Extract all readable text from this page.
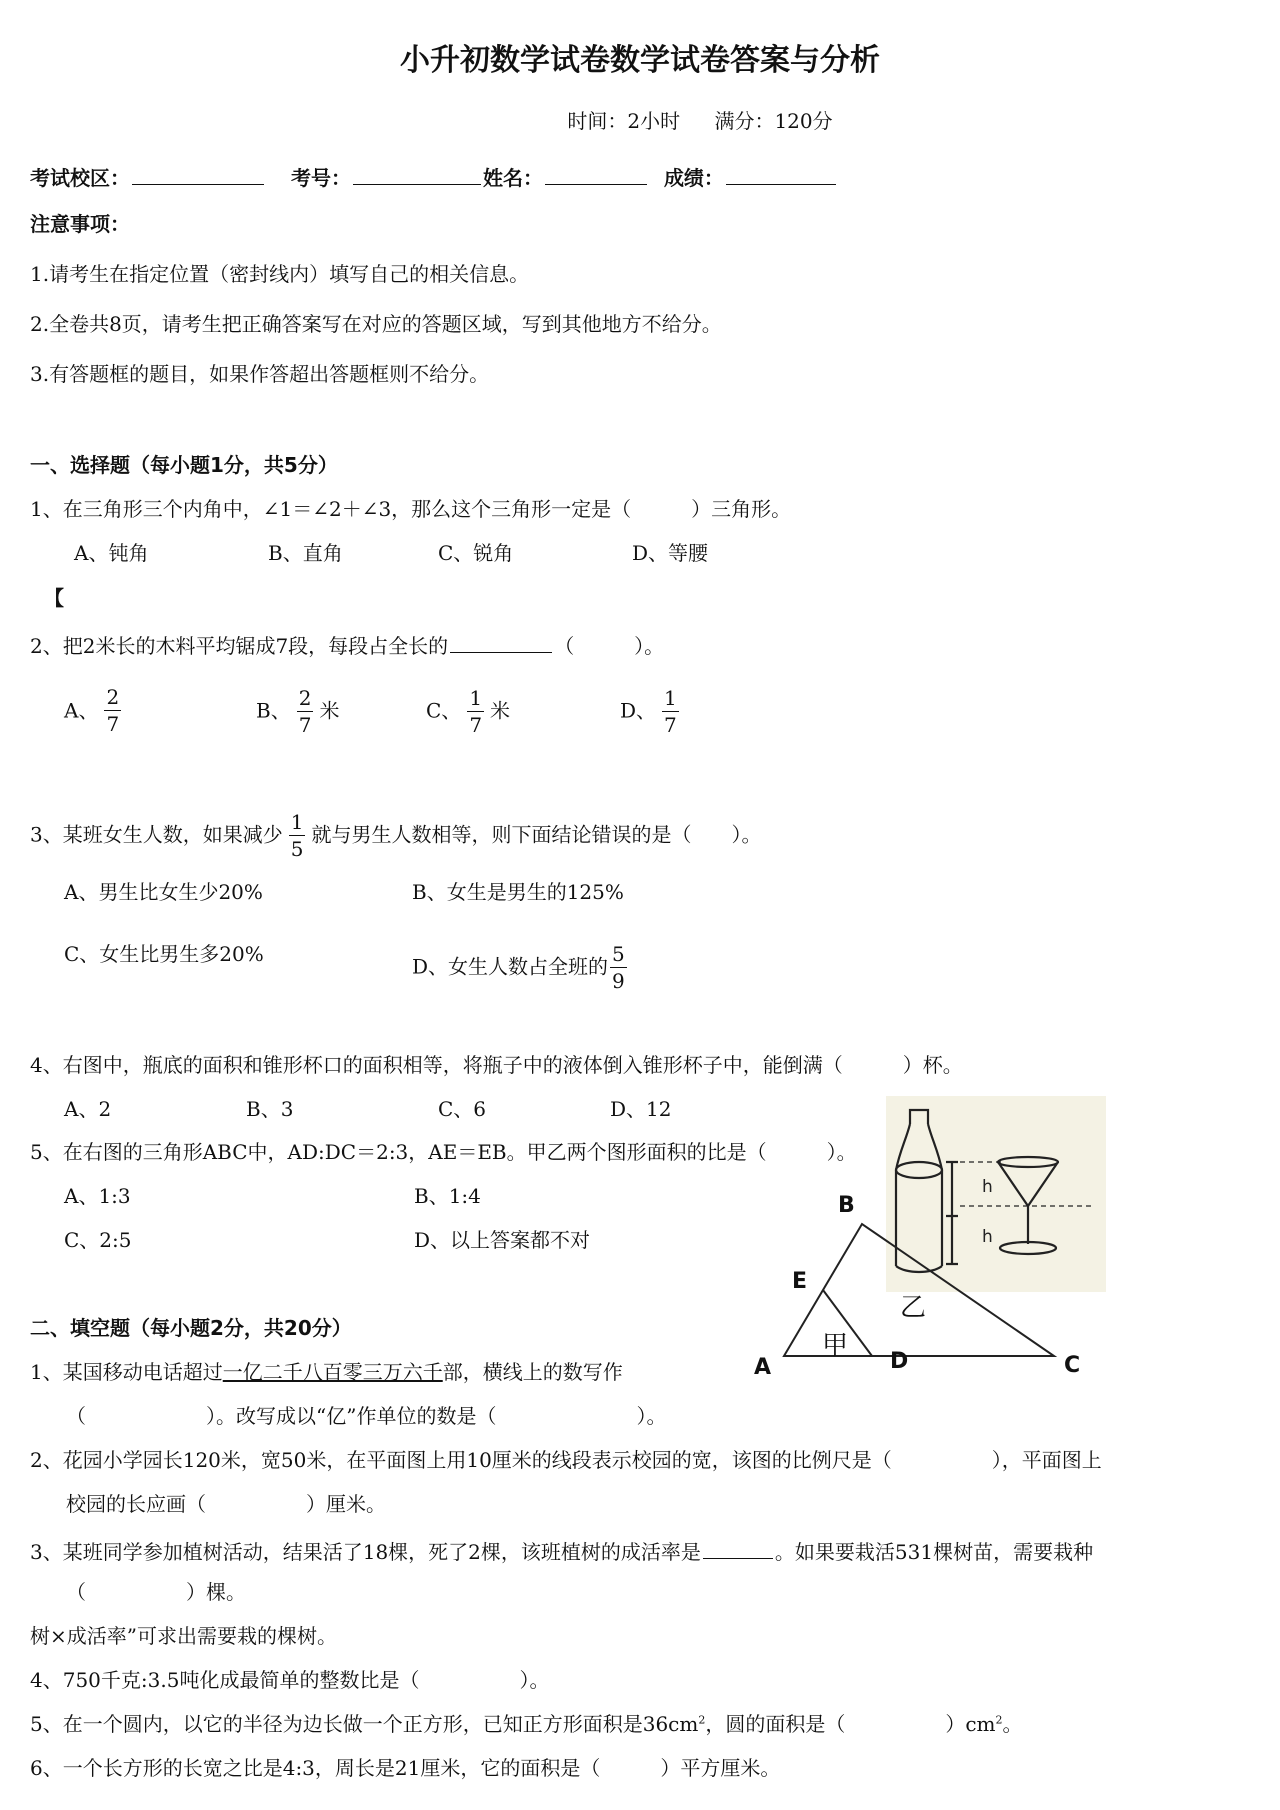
小升初数学试卷数学试卷答案与分析
时间：2小时 满分：120分
考试校区：	考号：	姓名：	成绩：
注意事项：
1.请考生在指定位置（密封线内）填写自己的相关信息。
2.全卷共8页，请考生把正确答案写在对应的答题区域，写到其他地方不给分。
3.有答题框的题目，如果作答超出答题框则不给分。
一、选择题（每小题1分，共5分）
1、在三角形三个内角中，∠1＝∠2＋∠3，那么这个三角形一定是（　　　）三角形。
A、钝角	B、直角	C、锐角	D、等腰
【
2、把2米长的木料平均锯成7段，每段占全长的	（　　　）。
A、 $\frac{2}{7}$	B、 $\frac{2}{7}$ 米	C、 $\frac{1}{7}$ 米	D、 $\frac{1}{7}$
3、某班女生人数，如果减少 $\frac{1}{5}$ 就与男生人数相等，则下面结论错误的是（　　）。
A、男生比女生少20%	B、女生是男生的125%
C、女生比男生多20%
D、女生人数占全班的 $\frac{5}{9}$
4、右图中，瓶底的面积和锥形杯口的面积相等，将瓶子中的液体倒入锥形杯子中，能倒满（　　　）杯。
A、2	B、3	C、6	D、12
5、在右图的三角形ABC中，AD:DC＝2:3，AE＝EB。甲乙两个图形面积的比是（　　　）。
A、1:3	B、1:4
C、2:5	D、以上答案都不对
h
h
B
E
A	D	C
甲
乙
二、填空题（每小题2分，共20分）
1、某国移动电话超过一亿二千八百零三万六千部，横线上的数写作
（　　　　　　）。改写成以“亿”作单位的数是（　　　　　　　）。
2、花园小学园长120米，宽50米，在平面图上用10厘米的线段表示校园的宽，该图的比例尺是（　　　　　），平面图上
校园的长应画（　　　　　）厘米。
3、某班同学参加植树活动，结果活了18棵，死了2棵，该班植树的成活率是	。如果要栽活531棵树苗，需要栽种
（　　　　　）棵。
树×成活率”可求出需要栽的棵树。
4、750千克:3.5吨化成最简单的整数比是（　　　　　）。
5、在一个圆内，以它的半径为边长做一个正方形，已知正方形面积是$36cm^2$，圆的面积是（　　　　　）$cm^2$。
6、一个长方形的长宽之比是4:3，周长是21厘米，它的面积是（　　　）平方厘米。
